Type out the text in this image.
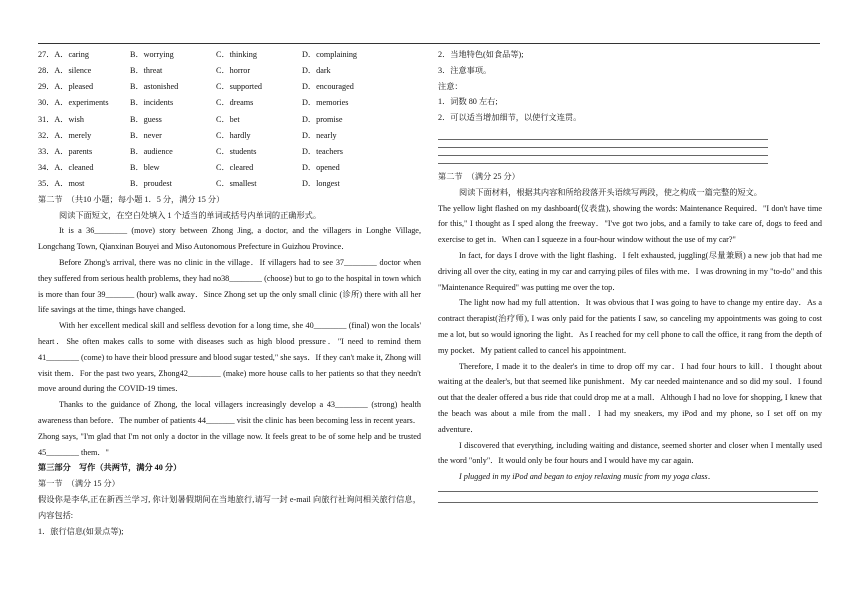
27．A．caring	B．worrying	C．thinking	D．complaining
28．A．silence	B．threat	C．horror	D．dark
29．A．pleased	B．astonished	C．supported	D．encouraged
30．A．experiments	B．incidents	C．dreams	D．memories
31．A．wish	B．guess	C．bet	D．promise
32．A．merely	B．never	C．hardly	D．nearly
33．A．parents	B．audience	C．students	D．teachers
34．A．cleaned	B．blew	C．cleared	D．opened
35．A．most	B．proudest	C．smallest	D．longest

第二节　（共10 小题；每小题 1．5 分，满分 15 分）

阅读下面短文，在空白处填入 1 个适当的单词或括号内单词的正确形式。

It is a 36________ (move) story between Zhong Jing, a doctor, and the villagers in Longhe Village, Longchang Town, Qianxinan Bouyei and Miso Autonomous Prefecture in Guizhou Province．

Before Zhong's arrival, there was no clinic in the village．If villagers had to see 37________ doctor when they suffered from serious health problems, they had no38________ (choose) but to go to the hospital in town which is more than four 39_______ (hour) walk away．Since Zhong set up the only small clinic (诊所) there with all her life savings at the time, things have changed．

With her excellent medical skill and selfless devotion for a long time, she 40________ (final) won the locals' heart．She often makes calls to some with diseases such as high blood pressure．"I need to remind them 41________ (come) to have their blood pressure and blood sugar tested," she says．If they can't make it, Zhong will visit them．For the past two years, Zhong42________ (make) more house calls to her patients so that they needn't move around during the COVID-19 times．

Thanks to the guidance of Zhong, the local villagers increasingly develop a 43________ (strong) health awareness than before．The number of patients 44_______ visit the clinic has been becoming less in recent years．Zhong says, "I'm glad that I'm not only a doctor in the village now. It feels great to be of some help and be trusted 45________ them．"

第三部分　写作（共两节，满分 40 分）

第一节　（满分 15 分）

假设你是李华,正在新西兰学习, 你计划暑假期间在当地旅行,请写一封 e-mail 向旅行社询问相关旅行信息，内容包括:

1．旅行信息(如景点等);

2．当地特色(如食品等);

3．注意事项。

注意：

1．词数 80 左右;

2．可以适当增加细节，以使行文连贯。

第二节　（满分 25 分）

阅读下面材料，根据其内容和所给段落开头语续写两段，使之构成一篇完整的短文。

The yellow light flashed on my dashboard(仪表盘), showing the words: Maintenance Required．"I don't have time for this," I thought as I sped along the freeway．"I've got two jobs, and a family to take care of, dogs to feed and exercise to get in．When can I squeeze in a four-hour window without the use of my car?"

In fact, for days I drove with the light flashing．I felt exhausted, juggling(尽量兼顾) a new job that had me driving all over the city, eating in my car and carrying piles of files with me．I was drowning in my "to-do" and this "Maintenance Required" was putting me over the top．

The light now had my full attention．It was obvious that I was going to have to change my entire day．As a contract therapist(治疗师), I was only paid for the patients I saw, so canceling my appointments was going to cost me a lot, but so would ignoring the light．As I reached for my cell phone to call the office, it rang from the depth of my pocket．My patient called to cancel his appointment．

Therefore, I made it to the dealer's in time to drop off my car．I had four hours to kill．I thought about waiting at the dealer's, but that seemed like punishment．My car needed maintenance and so did my soul．I found out that the dealer offered a bus ride that could drop me at a mall．Although I had no love for shopping, I knew that the beach was about a mile from the mall．I had my sneakers, my iPod and my phone, so I set off on my adventure．

I discovered that everything, including waiting and distance, seemed shorter and closer when I mentally used the word "only"．It would only be four hours and I would have my car again．

I plugged in my iPod and began to enjoy relaxing music from my yoga class．
